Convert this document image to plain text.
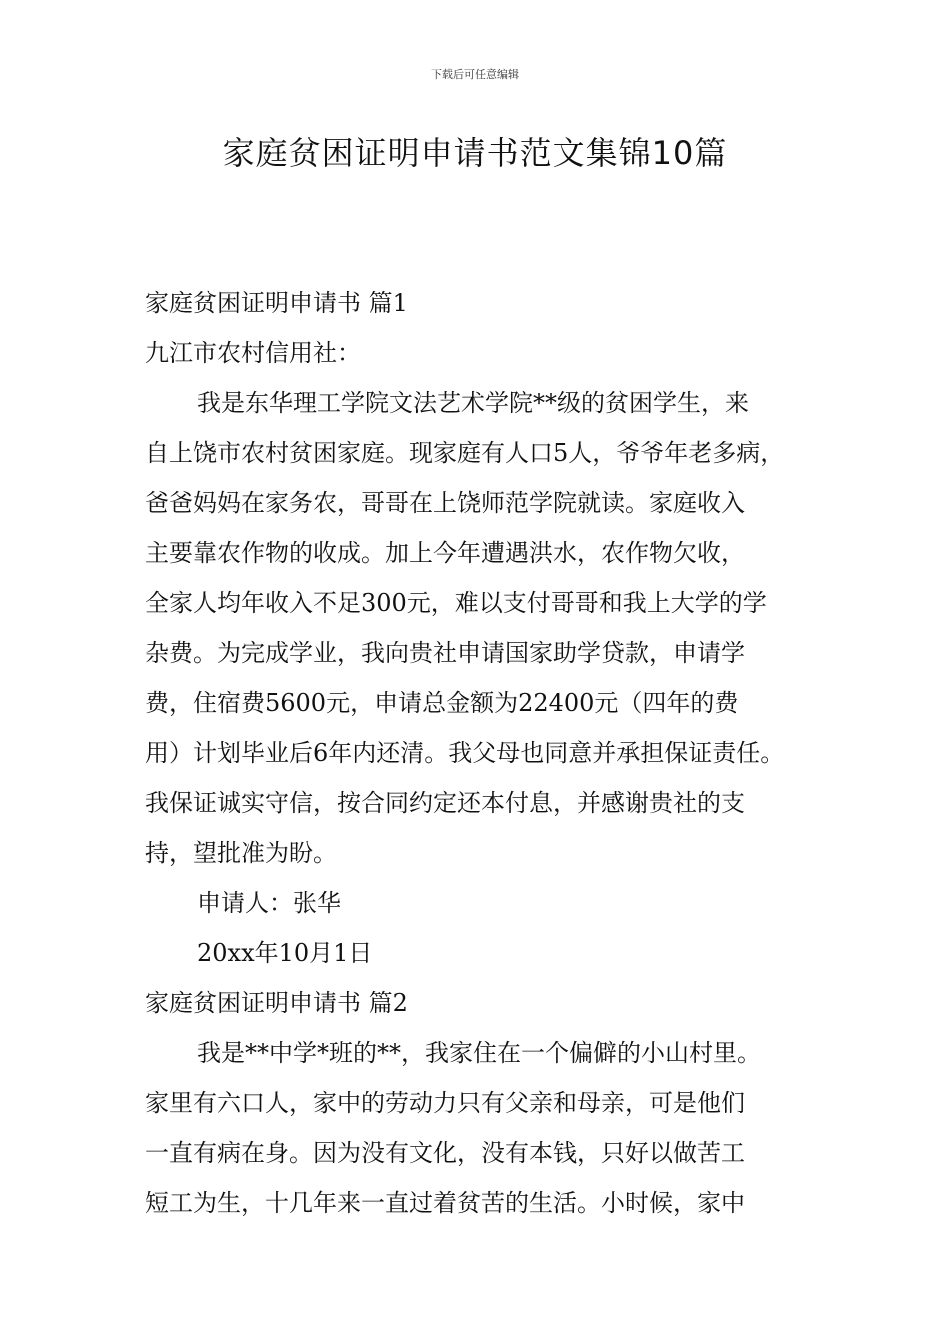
下载后可任意编辑
家庭贫困证明申请书范文集锦10篇
家庭贫困证明申请书 篇1
九江市农村信用社：
我是东华理工学院文法艺术学院**级的贫困学生，来
自上饶市农村贫困家庭。现家庭有人口5人，爷爷年老多病，
爸爸妈妈在家务农，哥哥在上饶师范学院就读。家庭收入
主要靠农作物的收成。加上今年遭遇洪水，农作物欠收，
全家人均年收入不足300元，难以支付哥哥和我上大学的学
杂费。为完成学业，我向贵社申请国家助学贷款，申请学
费，住宿费5600元，申请总金额为22400元（四年的费
用）计划毕业后6年内还清。我父母也同意并承担保证责任。
我保证诚实守信，按合同约定还本付息，并感谢贵社的支
持，望批准为盼。
申请人：张华
20xx年10月1日
家庭贫困证明申请书 篇2
我是**中学*班的**，我家住在一个偏僻的小山村里。
家里有六口人，家中的劳动力只有父亲和母亲，可是他们
一直有病在身。因为没有文化，没有本钱，只好以做苦工
短工为生，十几年来一直过着贫苦的生活。小时候，家中
